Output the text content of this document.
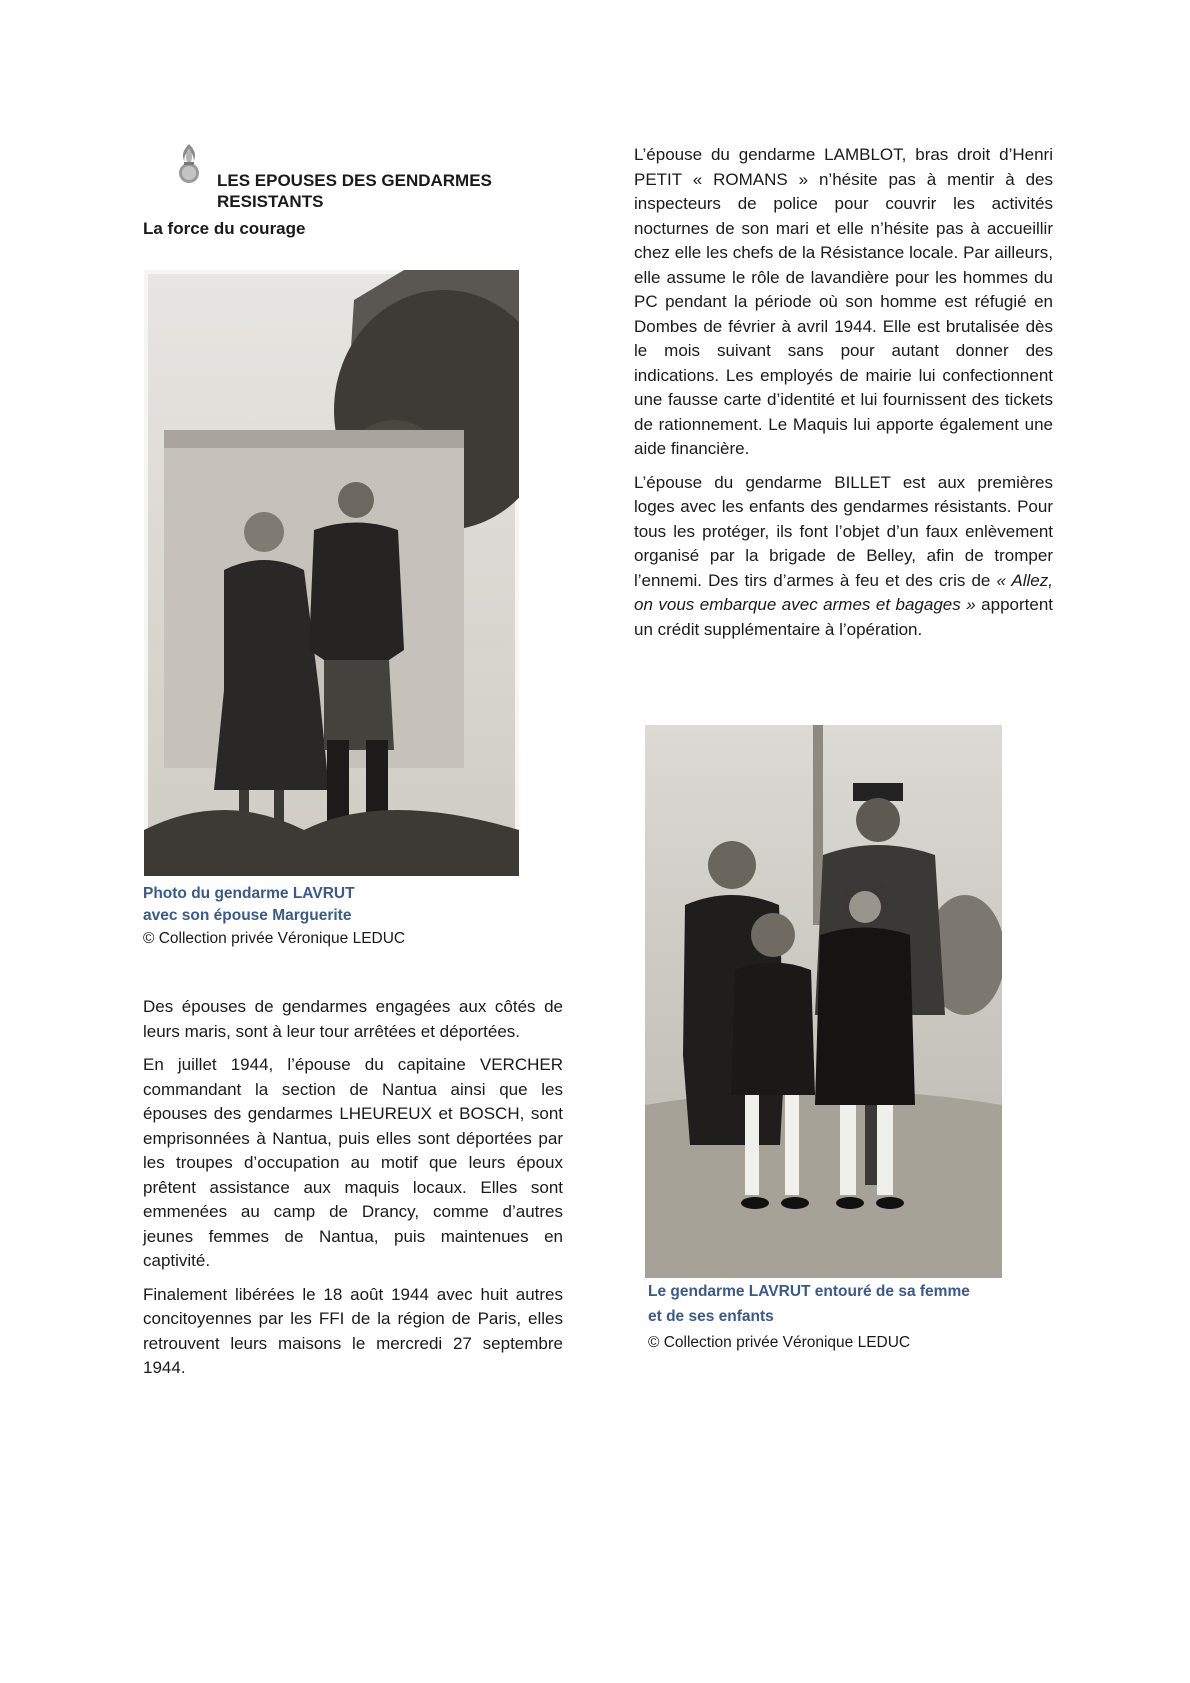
LES EPOUSES DES GENDARMES
RESISTANTS
La force du courage
Photo du gendarme LAVRUT
avec son épouse Marguerite
© Collection privée Véronique LEDUC

Des épouses de gendarmes engagées aux côtés de leurs maris, sont à leur tour arrêtées et déportées.

En juillet 1944, l’épouse du capitaine VERCHER commandant la section de Nantua ainsi que les épouses des gendarmes LHEUREUX et BOSCH, sont emprisonnées à Nantua, puis elles sont déportées par les troupes d’occupation au motif que leurs époux prêtent assistance aux maquis locaux. Elles sont emmenées au camp de Drancy, comme d’autres jeunes femmes de Nantua, puis maintenues en captivité.

Finalement libérées le 18 août 1944 avec huit autres concitoyennes par les FFI de la région de Paris, elles retrouvent leurs maisons le mercredi 27 septembre 1944.

L’épouse du gendarme LAMBLOT, bras droit d’Henri PETIT « ROMANS » n’hésite pas à mentir à des inspecteurs de police pour couvrir les activités nocturnes de son mari et elle n’hésite pas à accueillir chez elle les chefs de la Résistance locale. Par ailleurs, elle assume le rôle de lavandière pour les hommes du PC pendant la période où son homme est réfugié en Dombes de février à avril 1944. Elle est brutalisée dès le mois suivant sans pour autant donner des indications. Les employés de mairie lui confectionnent une fausse carte d’identité et lui fournissent des tickets de rationnement. Le Maquis lui apporte également une aide financière.

L’épouse du gendarme BILLET est aux premières loges avec les enfants des gendarmes résistants. Pour tous les protéger, ils font l’objet d’un faux enlèvement organisé par la brigade de Belley, afin de tromper l’ennemi. Des tirs d’armes à feu et des cris de « Allez, on vous embarque avec armes et bagages » apportent un crédit supplémentaire à l’opération.

Le gendarme LAVRUT entouré de sa femme
et de ses enfants
© Collection privée Véronique LEDUC
